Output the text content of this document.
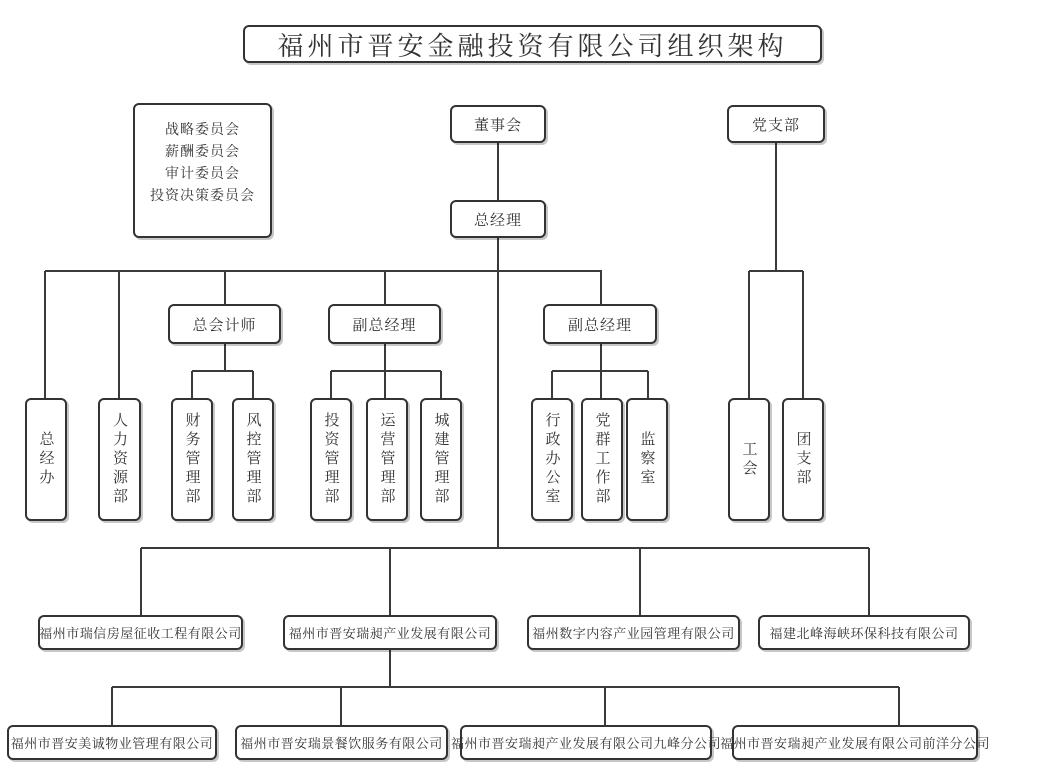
福州市晋安金融投资有限公司组织架构
战略委员会
薪酬委员会
审计委员会
投资决策委员会
董事会	党支部
总经理
总会计师	副总经理	副总经理
总经办	人力资源部	财务管理部	风控管理部	投资管理部	运营管理部 城建管理部	行政办公室 党群工作部 监察室	工会 团支部
福州市瑞信房屋征收工程有限公司	福州市晋安瑞昶产业发展有限公司	福州数字内容产业园管理有限公司	福建北峰海峡环保科技有限公司
福州市晋安美诚物业管理有限公司	福州市晋安瑞景餐饮服务有限公司 福州市晋安瑞昶产业发展有限公司九峰分公司
福州市晋安瑞昶产业发展有限公司前洋分公司
